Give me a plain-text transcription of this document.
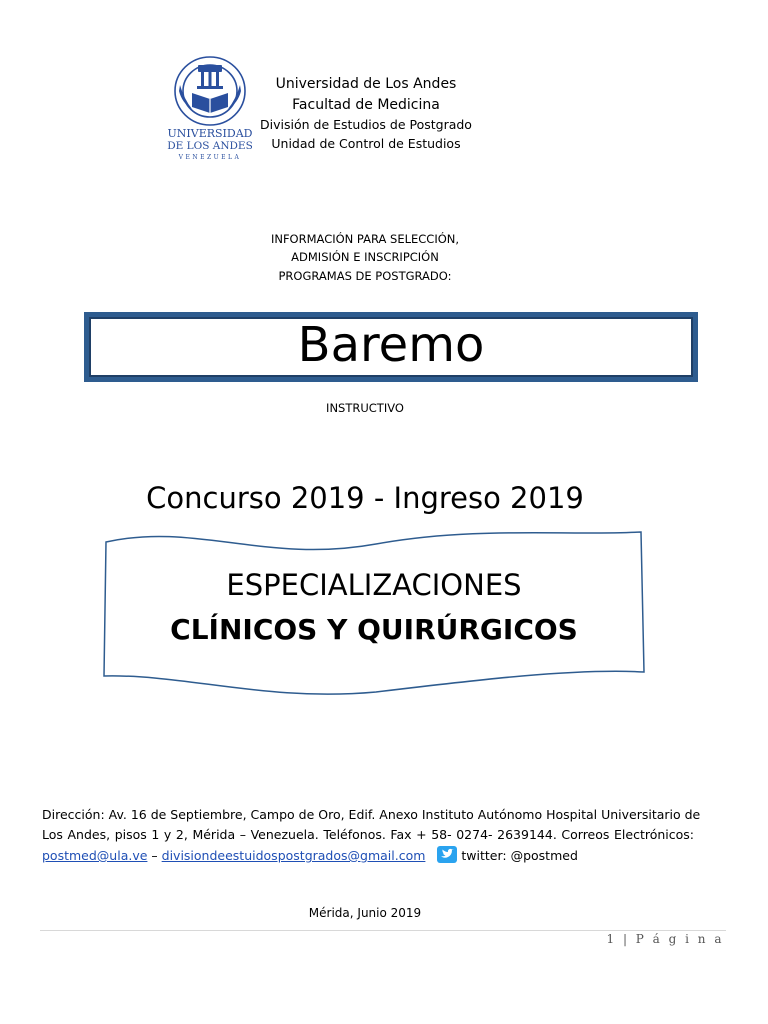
UNIVERSIDAD
DE LOS ANDES
VENEZUELA
Universidad de Los Andes
Facultad de Medicina
División de Estudios de Postgrado
Unidad de Control de Estudios
INFORMACIÓN PARA SELECCIÓN,
ADMISIÓN E INSCRIPCIÓN
PROGRAMAS DE POSTGRADO:
Baremo
INSTRUCTIVO
Concurso 2019 - Ingreso 2019
ESPECIALIZACIONES
CLÍNICOS Y QUIRÚRGICOS
Dirección: Av. 16 de Septiembre, Campo de Oro, Edif. Anexo Instituto Autónomo Hospital Universitario de
Los Andes, pisos 1 y 2, Mérida – Venezuela. Teléfonos. Fax + 58- 0274- 2639144. Correos Electrónicos:
postmed@ula.ve – divisiondeestuidospostgrados@gmail.com	twitter: @postmed
Mérida, Junio 2019
1 | P á g i n a
